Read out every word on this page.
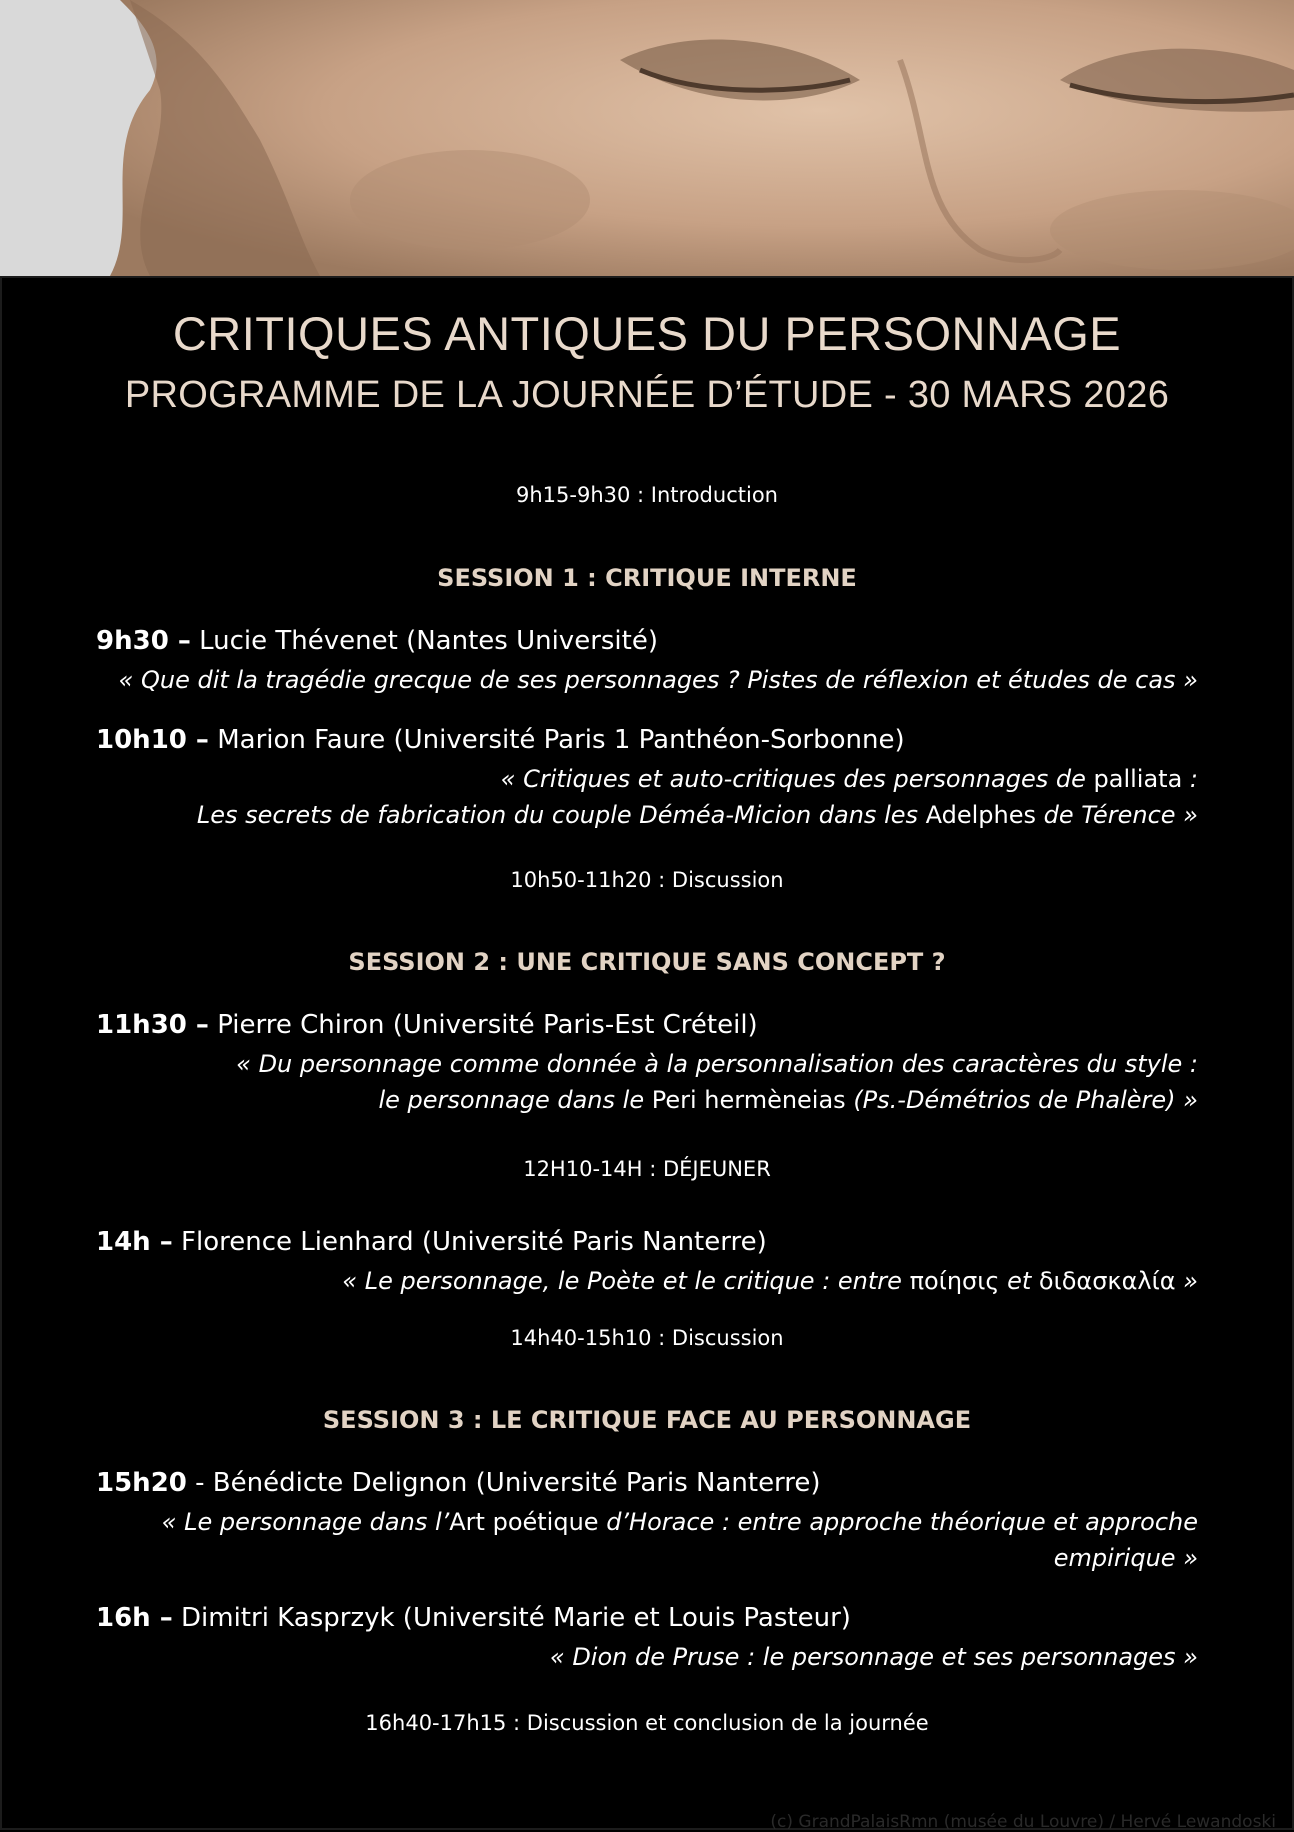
CRITIQUES ANTIQUES DU PERSONNAGE
PROGRAMME DE LA JOURNÉE D’ÉTUDE - 30 MARS 2026
9h15-9h30 : Introduction
SESSION 1 : CRITIQUE INTERNE
9h30 – Lucie Thévenet (Nantes Université)
« Que dit la tragédie grecque de ses personnages ? Pistes de réflexion et études de cas »
10h10 – Marion Faure (Université Paris 1 Panthéon-Sorbonne)
« Critiques et auto-critiques des personnages de palliata :
Les secrets de fabrication du couple Déméa-Micion dans les Adelphes de Térence »
10h50-11h20 : Discussion
SESSION 2 : UNE CRITIQUE SANS CONCEPT ?
11h30 – Pierre Chiron (Université Paris-Est Créteil)
« Du personnage comme donnée à la personnalisation des caractères du style :
le personnage dans le Peri hermèneias (Ps.-Démétrios de Phalère) »
12H10-14H : DÉJEUNER
14h – Florence Lienhard (Université Paris Nanterre)
« Le personnage, le Poète et le critique : entre ποίησις et διδασκαλία »
14h40-15h10 : Discussion
SESSION 3 : LE CRITIQUE FACE AU PERSONNAGE
15h20 - Bénédicte Delignon (Université Paris Nanterre)
« Le personnage dans l’Art poétique d’Horace : entre approche théorique et approche
empirique »
16h – Dimitri Kasprzyk (Université Marie et Louis Pasteur)
« Dion de Pruse : le personnage et ses personnages »
16h40-17h15 : Discussion et conclusion de la journée
(c) GrandPalaisRmn (musée du Louvre) / Hervé Lewandoski
